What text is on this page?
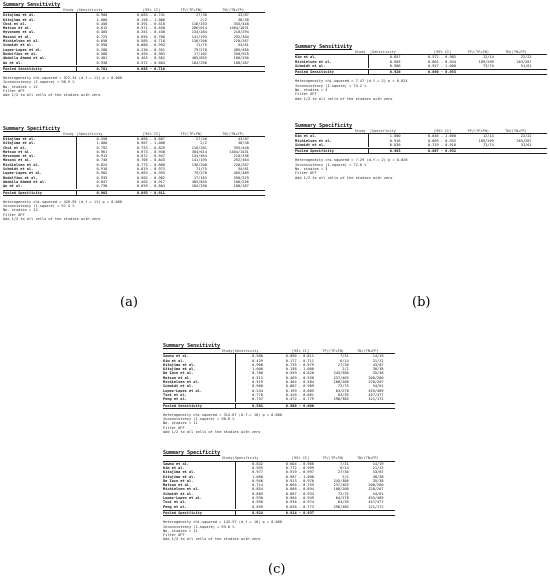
Summary Sensitivity
Study |Sensitivity	[95% CI]	TP/(TP+FN)	TN/(TN+FP)
Kitajima et al.	0.900	0.683 - 0.741	27/30	43/87
Kitajima et al.	1.000	0.158 - 1.000	2/2	38/38
Choi et al.	0.458	0.391 - 0.518	116/253	355/448
Matsuo et al.	0.612	0.571 - 0.648	206/614	1404/1631
Hyvonnen et al.	0.405	0.351 - 0.430	134/284	210/294
Masoni et al.	0.723	0.655 - 0.780	141/195	292/364
Michielsen et al.	0.658	0.585 - 0.718	136/206	220/267
Schmidt et al.	0.950	0.880 - 0.992	71/75	54/61
Lopez-Lopes et al.	0.288	0.230 - 0.351	79/278	485/485
Rodolfino et al.	0.580	0.494 - 0.903	17/182	358/925
Abdalla Ahmed et al.	0.481	0.403 - 0.562	405/855	180/256
An et al.	0.938	0.572 - 0.684	184/290	188/187
Pooled Sensitivity	0.701	0.685 - 0.716
Heterogeneity chi-squared = 972.34 (d.f.= 11) p = 0.000
Inconsistency (I-square) = 98.9 %
No. studies = 12
Filter OFF
Add 1/2 to all cells of the studies with zero
Summary Specificity
Study |Specificity	[95% CI]	TP/(TP+FN)	TN/(TN+FP)
Kitajima et al.	0.558	0.860 - 0.687	27/40	43/87
Kitajima et al.	1.000	0.907 - 1.000	2/2	38/38
Choi et al.	0.792	0.753 - 0.829	116/281	355/448
Matsuo et al.	0.961	0.973 - 0.948	304/614	1404/1431
Hyvonnen et al.	0.913	0.872 - 0.947	134/464	210/236
Masoni et al.	0.746	0.706 - 0.843	141/195	292/364
Michielsen et al.	0.824	0.773 - 0.868	136/208	220/267
Schmidt et al.	0.918	0.819 - 0.973	71/75	54/61
Lopez-Lopes et al.	0.982	0.963 - 0.993	79/278	485/489
Rodolfino et al.	0.935	0.902 - 0.962	17/182	358/329
Abdalla Ahmed et al.	0.847	0.403 - 0.917	405/855	180/256
An et al.	0.730	0.659 - 0.804	184/290	188/187
Pooled Specificity	0.902	0.893 - 0.911
Heterogeneity chi-squared = 420.95 (d.f.= 11) p = 0.000
Inconsistency (I-square) = 97.4 %
No. studies = 12
Filter OFF
Add 1/2 to all cells of the studies with zero
Summary Sensitivity
Study	|Sensitivity	[95% CI]	TP/(TP+FN)	TN/(TN+FP)
Kim et al.	0.857	0.572 - 0.982	12/14	22/22
Michielsen et al.	0.905	0.861 - 0.944	189/209	263/287
Schmidt et al.	0.986	0.927 - 1.000	73/74	51/61
Pooled Sensitivity	0.926	0.890 - 0.953
Heterogeneity chi-squared = 7.47 (d.f.= 2) p = 0.024
Inconsistency (I-square) = 73.2 %
No. studies = 3
Filter OFF
Add 1/2 to all cells of the studies with zero
Summary Specificity
Study	|Specificity	[95% CI]	TP/(TP+FN)	TN/(TN+FP)
Kim et al.	1.000	0.846 - 1.000	12/14	22/22
Michielsen et al.	0.916	0.869 - 0.942	189/209	263/287
Schmidt et al.	0.836	0.719 - 0.918	73/74	51/61
Pooled Specificity	0.903	0.867 - 0.932
Heterogeneity chi-squared = 7.29 (d.f.= 2) p = 0.026
Inconsistency (I-square) = 72.6 %
No. studies = 3
Filter OFF
Add 1/2 to all cells of the studies with zero
Summary Sensitivity
Study |Sensitivity	[95% CI]	TP/(TP+FN)	TN/(TN+FP)
Sawnu et al.	0.500	0.090 - 0.811	7/31	14/19
Kim et al.	0.429	0.177 - 0.711	6/14	21/22
Kitajima et al.	0.900	0.735 - 0.979	27/30	43/87
Kitajima et al.	1.000	0.158 - 1.000	2/2	38/38
De Iaco et al.	0.780	0.559 - 0.820	245/308	35/38
Matsuo et al.	0.512	0.469 - 0.558	237/463	200/280
Michielsen et al.	0.519	0.464 - 0.584	108/208	228/267
Schmidt et al.	0.960	0.887 - 0.989	72/75	54/61
Lopez-Lopes et al.	0.244	0.199 - 0.805	64/278	455/489
Tsoi et al.	0.770	0.426 - 0.861	64/39	457/477
Peng et al.	0.737	0.472 - 0.779	298/385	121/172
Pooled Sensitivity	0.561	0.566 - 0.606
Heterogeneity chi-squared = 314.67 (d.f.= 10) p = 0.000
Inconsistency (I-square) = 96.8 %
No. studies = 11
Filter OFF
Add 1/2 to all cells of the studies with zero
Summary Specificity
Study |Specificity	[95% CI]	TP/(TP+FN)	TN/(TN+FP)
Sawnu et al.	0.842	0.604 - 0.966	7/31	14/19
Kim et al.	0.955	0.772 - 0.999	6/14	21/22
Kitajima et al.	0.977	0.919 - 0.997	27/30	43/87
Kitajima et al.	1.000	0.907 - 1.000	2/2	38/38
De Iaco et al.	0.946	0.913 - 0.970	245/308	35/38
Matsuo et al.	0.714	0.664 - 0.755	237/463	200/280
Michielsen et al.	0.854	0.806 - 0.894	108/208	228/267
Schmidt et al.	0.885	0.807 - 0.933	72/75	54/61
Lopez-Lopes et al.	0.930	0.904 - 0.949	64/278	455/489
Tsoi et al.	0.958	0.936 - 0.974	64/39	457/477
Peng et al.	0.699	0.626 - 0.773	298/385	121/172
Pooled Specificity	0.924	0.914 - 0.937
Heterogeneity chi-squared = 143.57 (d.f.= 10) p = 0.000
Inconsistency (I-square) = 93.0 %
No. studies = 11
Filter OFF
Add 1/2 to all cells of the studies with zero
(a)	(b)
(c)
